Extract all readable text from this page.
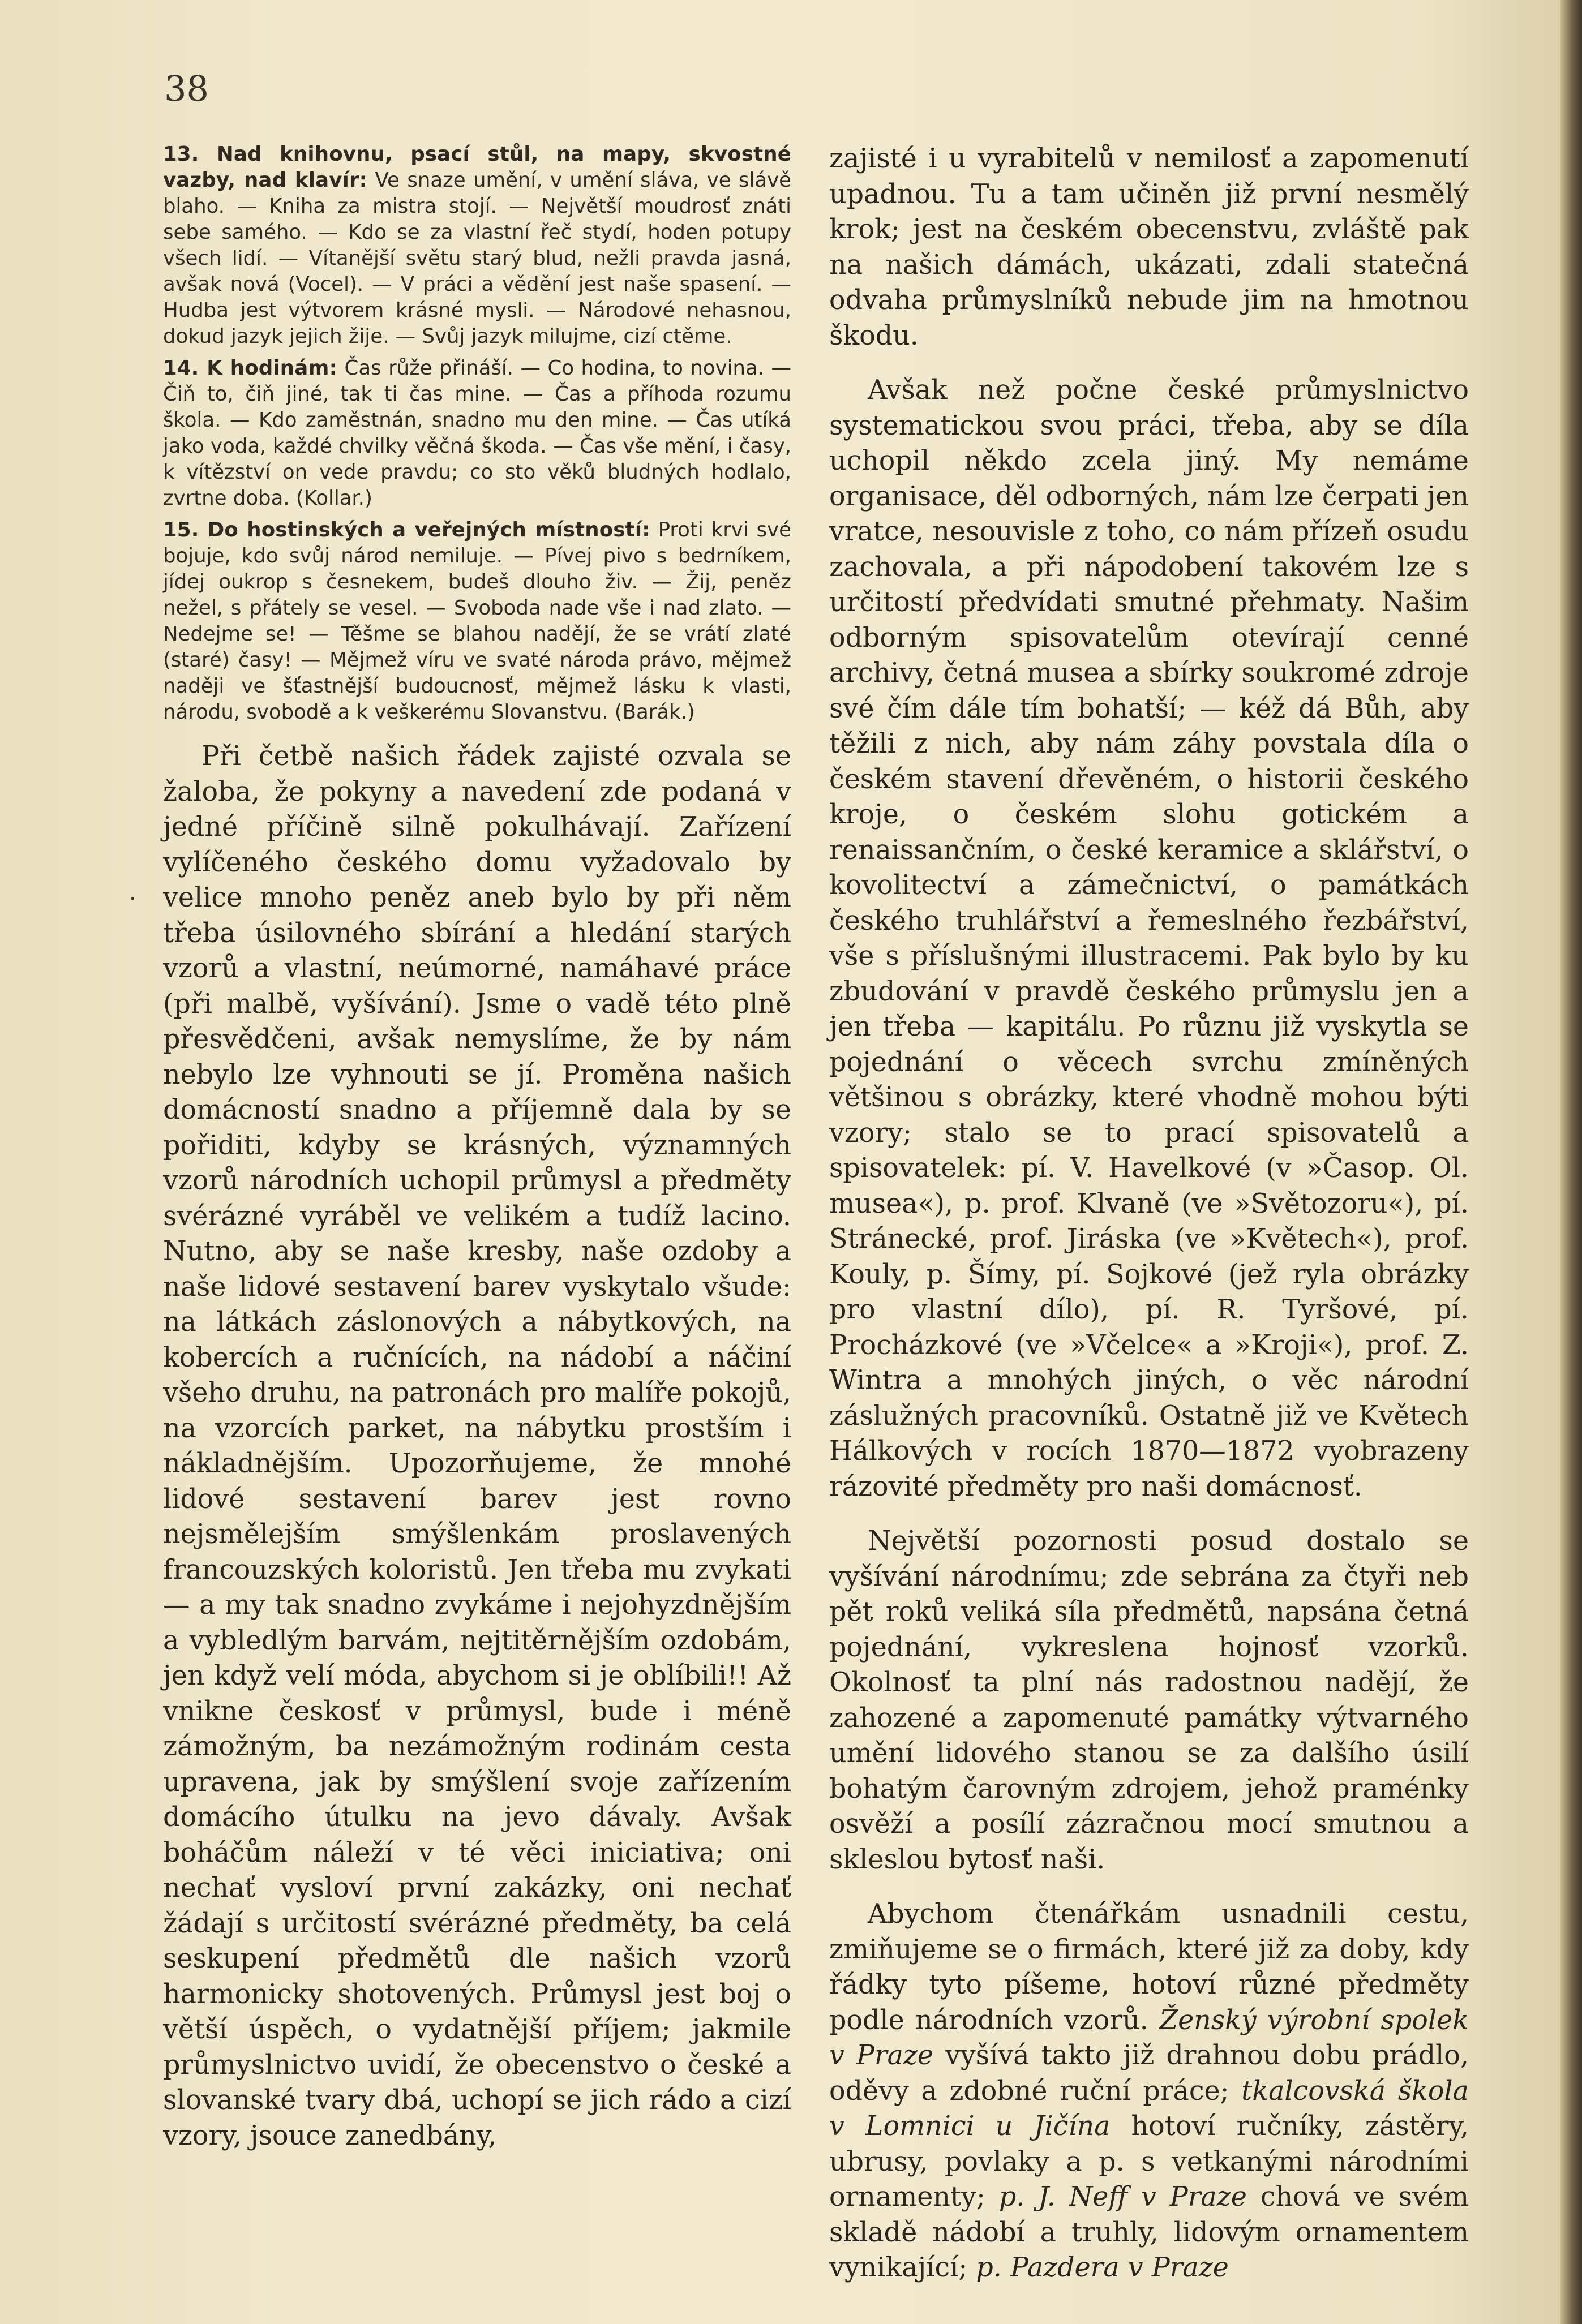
38
·

13. Nad knihovnu, psací stůl, na mapy, skvostné vazby, nad klavír: Ve snaze umění, v umění sláva, ve slávě blaho. — Kniha za mistra stojí. — Největší moudrosť znáti sebe samého. — Kdo se za vlastní řeč stydí, hoden potupy všech lidí. — Vítanější světu starý blud, nežli pravda jasná, avšak nová (Vocel). — V práci a vědění jest naše spasení. — Hudba jest výtvorem krásné mysli. — Národové nehasnou, dokud jazyk jejich žije. — Svůj jazyk milujme, cizí ctěme.

14. K hodinám: Čas růže přináší. — Co hodina, to novina. — Čiň to, čiň jiné, tak ti čas mine. — Čas a příhoda rozumu škola. — Kdo zaměstnán, snadno mu den mine. — Čas utíká jako voda, každé chvilky věčná škoda. — Čas vše mění, i časy, k vítězství on vede pravdu; co sto věků bludných hodlalo, zvrtne doba. (Kollar.)

15. Do hostinských a veřejných místností: Proti krvi své bojuje, kdo svůj národ nemiluje. — Pívej pivo s bedrníkem, jídej oukrop s česnekem, budeš dlouho živ. — Žij, peněz nežel, s přátely se vesel. — Svoboda nade vše i nad zlato. — Nedejme se! — Těšme se blahou nadějí, že se vrátí zlaté (staré) časy! — Mějmež víru ve svaté národa právo, mějmež naději ve šťastnější budoucnosť, mějmež lásku k vlasti, národu, svobodě a k veškerému Slovanstvu. (Barák.)

Při četbě našich řádek zajisté ozvala se žaloba, že pokyny a navedení zde podaná v jedné příčině silně pokulhávají. Zařízení vylíčeného českého domu vyžadovalo by velice mnoho peněz aneb bylo by při něm třeba úsilovného sbírání a hledání starých vzorů a vlastní, neúmorné, namáhavé práce (při malbě, vyšívání). Jsme o vadě této plně přesvědčeni, avšak nemyslíme, že by nám nebylo lze vyhnouti se jí. Proměna našich domácností snadno a příjemně dala by se pořiditi, kdyby se krásných, významných vzorů národních uchopil průmysl a předměty svérázné vyráběl ve velikém a tudíž lacino. Nutno, aby se naše kresby, naše ozdoby a naše lidové sestavení barev vyskytalo všude: na látkách záslonových a nábytkových, na kobercích a ručnících, na nádobí a náčiní všeho druhu, na patronách pro malíře pokojů, na vzorcích parket, na nábytku prostším i nákladnějším. Upozorňujeme, že mnohé lidové sestavení barev jest rovno nejsmělejším smýšlenkám proslavených francouzských koloristů. Jen třeba mu zvykati — a my tak snadno zvykáme i nejohyzdnějším a vybledlým barvám, nejtitěrnějším ozdobám, jen když velí móda, abychom si je oblíbili!! Až vnikne českosť v průmysl, bude i méně zámožným, ba nezámožným rodinám cesta upravena, jak by smýšlení svoje zařízením domácího útulku na jevo dávaly. Avšak boháčům náleží v té věci iniciativa; oni nechať vysloví první zakázky, oni nechať žádají s určitostí svérázné předměty, ba celá seskupení předmětů dle našich vzorů harmonicky shotovených. Průmysl jest boj o větší úspěch, o vydatnější příjem; jakmile průmyslnictvo uvidí, že obecenstvo o české a slovanské tvary dbá, uchopí se jich rádo a cizí vzory, jsouce zanedbány,

zajisté i u vyrabitelů v nemilosť a zapomenutí upadnou. Tu a tam učiněn již první nesmělý krok; jest na českém obecenstvu, zvláště pak na našich dámách, ukázati, zdali statečná odvaha průmyslníků nebude jim na hmotnou škodu.

Avšak než počne české průmyslnictvo systematickou svou práci, třeba, aby se díla uchopil někdo zcela jiný. My nemáme organisace, děl odborných, nám lze čerpati jen vratce, nesouvisle z toho, co nám přízeň osudu zachovala, a při nápodobení takovém lze s určitostí předvídati smutné přehmaty. Našim odborným spisovatelům otevírají cenné archivy, četná musea a sbírky soukromé zdroje své čím dále tím bohatší; — kéž dá Bůh, aby těžili z nich, aby nám záhy povstala díla o českém stavení dřevěném, o historii českého kroje, o českém slohu gotickém a renaissančním, o české keramice a sklářství, o kovolitectví a zámečnictví, o památkách českého truhlářství a řemeslného řezbářství, vše s příslušnými illustracemi. Pak bylo by ku zbudování v pravdě českého průmyslu jen a jen třeba — kapitálu. Po různu již vyskytla se pojednání o věcech svrchu zmíněných většinou s obrázky, které vhodně mohou býti vzory; stalo se to prací spisovatelů a spisovatelek: pí. V. Havelkové (v »Časop. Ol. musea«), p. prof. Klvaně (ve »Světozoru«), pí. Stránecké, prof. Jiráska (ve »Květech«), prof. Kouly, p. Šímy, pí. Sojkové (jež ryla obrázky pro vlastní dílo), pí. R. Tyršové, pí. Procházkové (ve »Včelce« a »Kroji«), prof. Z. Wintra a mnohých jiných, o věc národní záslužných pracovníků. Ostatně již ve Květech Hálkových v rocích 1870—1872 vyobrazeny rázovité předměty pro naši domácnosť.

Největší pozornosti posud dostalo se vyšívání národnímu; zde sebrána za čtyři neb pět roků veliká síla předmětů, napsána četná pojednání, vykreslena hojnosť vzorků. Okolnosť ta plní nás radostnou nadějí, že zahozené a zapomenuté památky výtvarného umění lidového stanou se za dalšího úsilí bohatým čarovným zdrojem, jehož praménky osvěží a posílí zázračnou mocí smutnou a skleslou bytosť naši.

Abychom čtenářkám usnadnili cestu, zmiňujeme se o firmách, které již za doby, kdy řádky tyto píšeme, hotoví různé předměty podle národních vzorů. Ženský výrobní spolek v Praze vyšívá takto již drahnou dobu prádlo, oděvy a zdobné ruční práce; tkalcovská škola v Lomnici u Jičína hotoví ručníky, zástěry, ubrusy, povlaky a p. s vetkanými národními ornamenty; p. J. Neff v Praze chová ve svém skladě nádobí a truhly, lidovým ornamentem vynikající; p. Pazdera v Praze
